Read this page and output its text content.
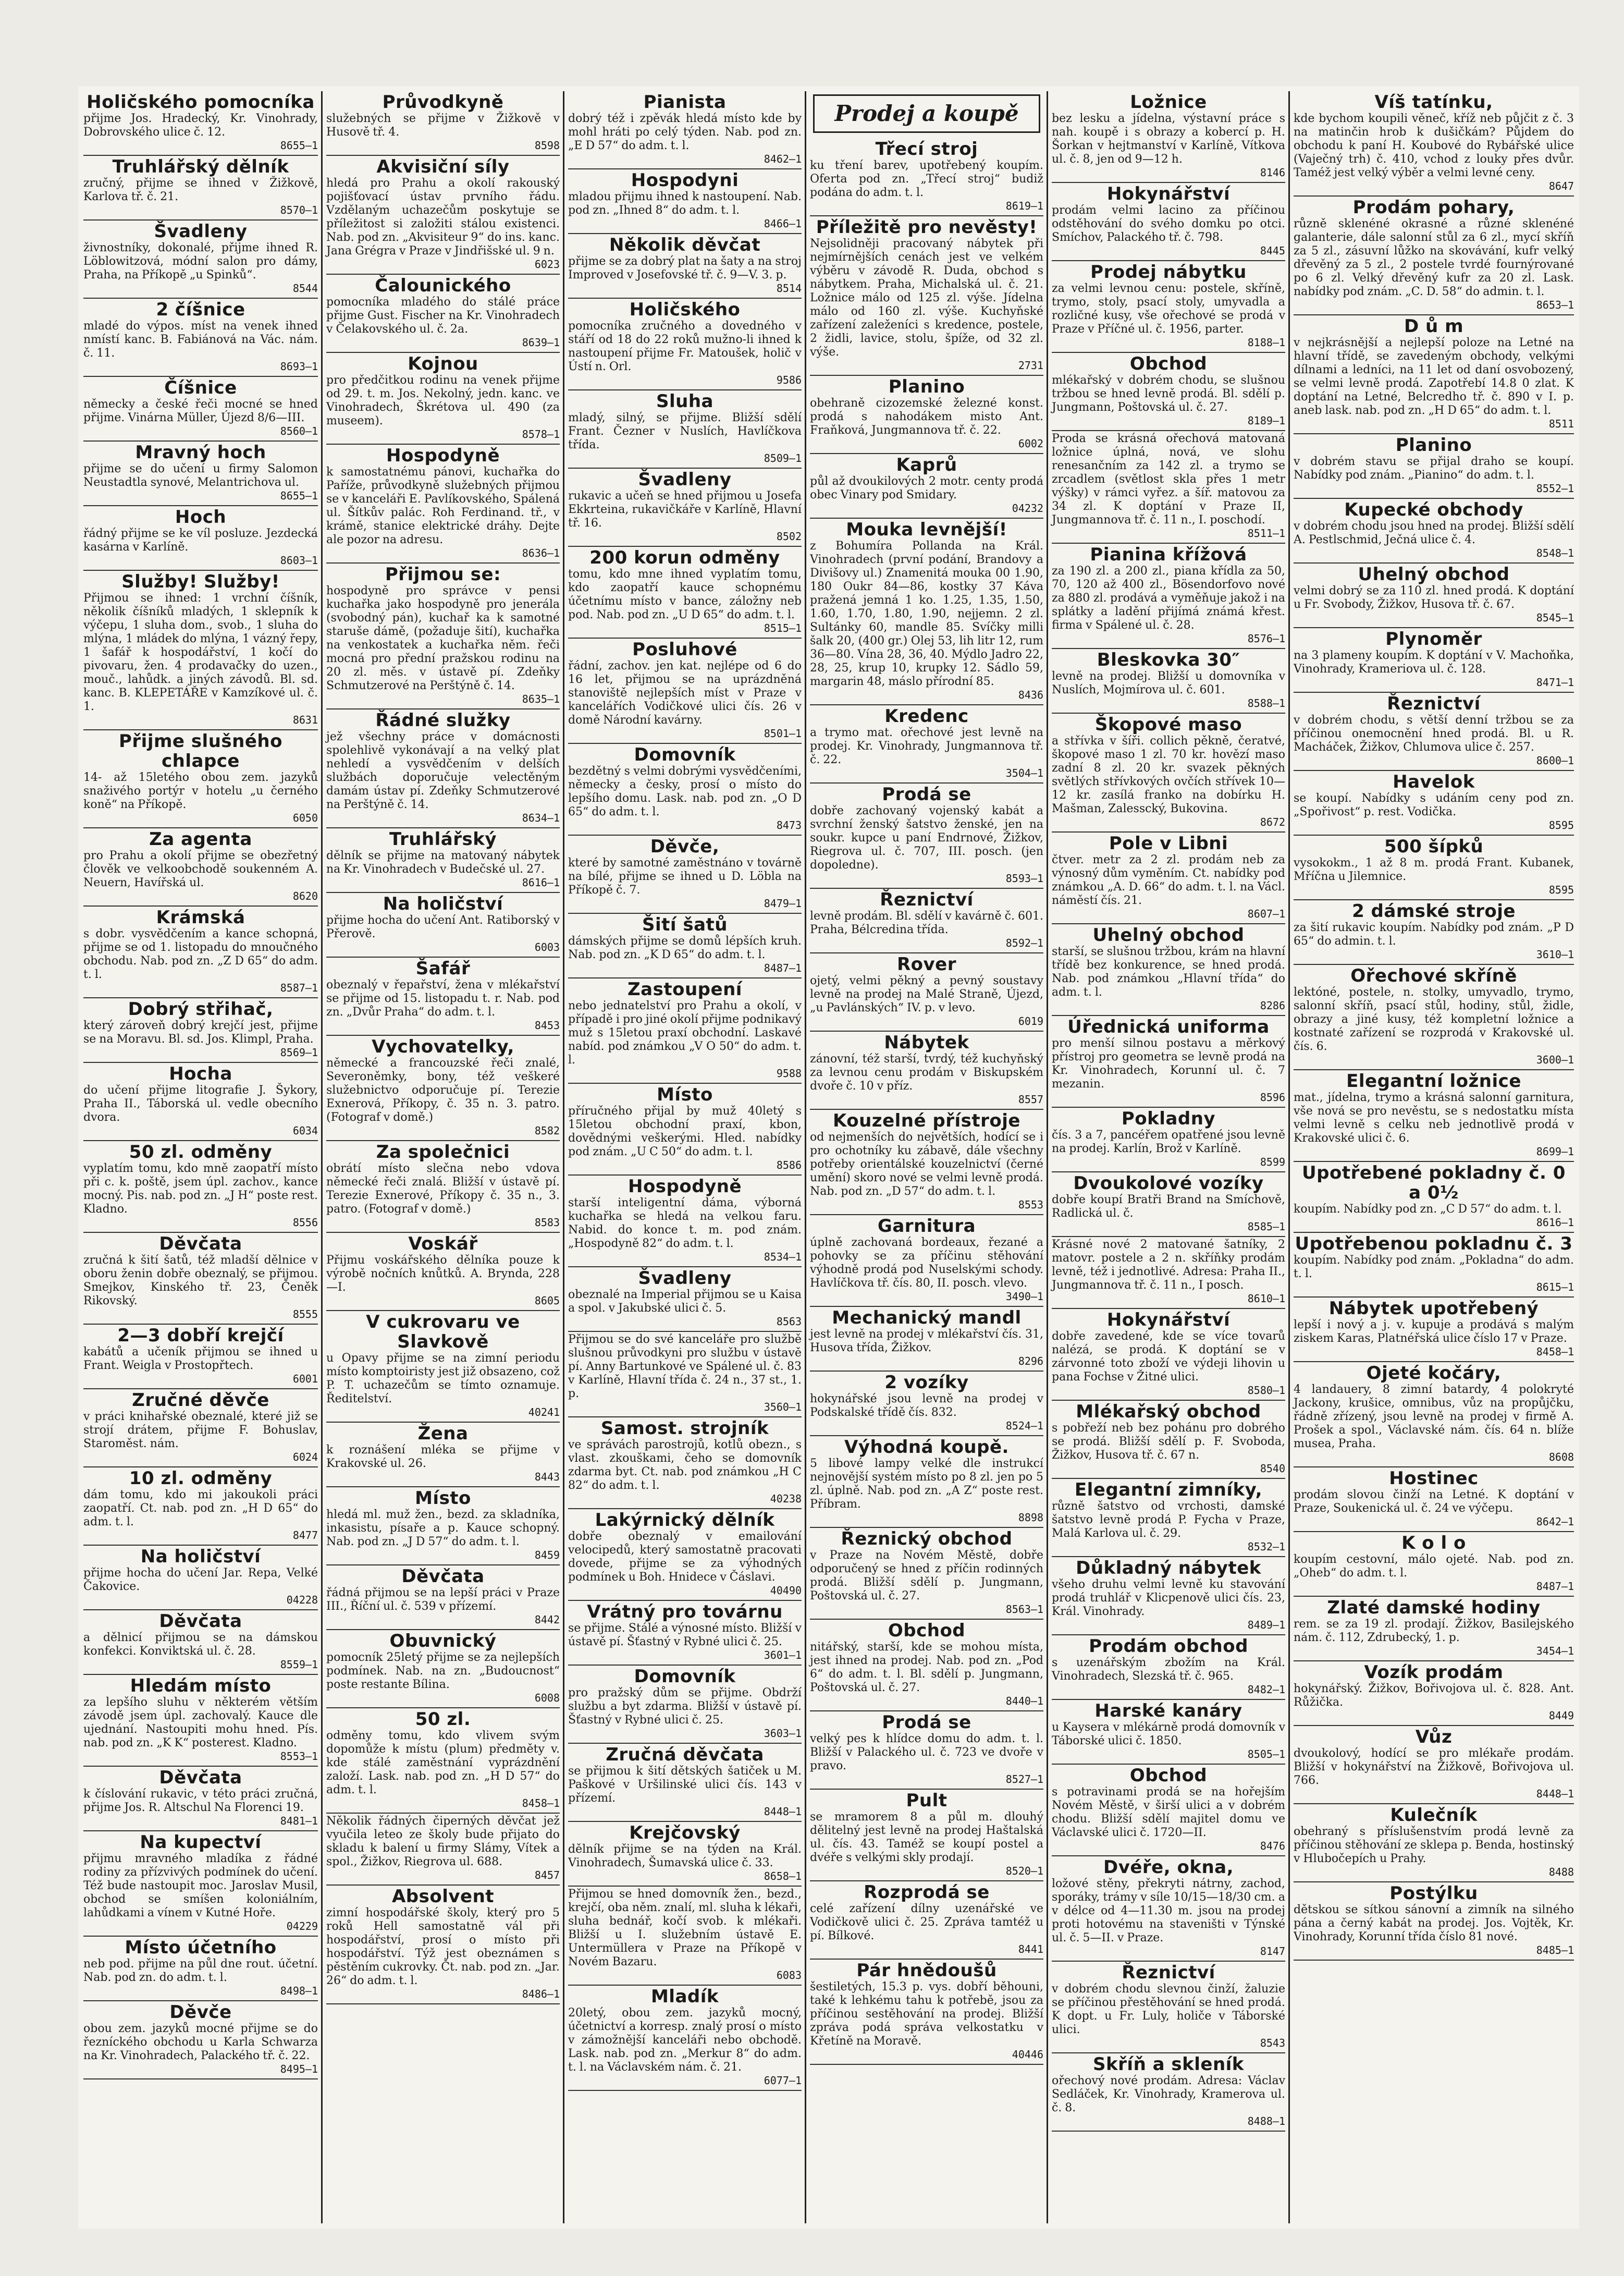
Holičského pomocníka
přijme Jos. Hradecký, Kr. Vinohrady, Dobrovského ulice č. 12.
8655—1
Truhlářský dělník
zručný, přijme se ihned v Žižkově, Karlova tř. č. 21.
8570—1
Švadleny
živnostníky, dokonalé, přijme ihned R. Löblowitzová, módní salon pro dámy, Praha, na Příkopě „u Spinků“.
8544
2 číšnice
mladé do výpos. míst na venek ihned nmístí kanc. B. Fabiánová na Vác. nám. č. 11.
8693—1
Číšnice
německy a české řeči mocné se hned přijme. Vinárna Müller, Újezd 8/6—III.
8560—1
Mravný hoch
přijme se do učení u firmy Salomon Neustadtla synové, Melantrichova ul.
8655—1
Hoch
řádný přijme se ke víl posluze. Jezdecká kasárna v Karlíně.
8603—1
Služby! Služby!
Přijmou se ihned: 1 vrchní číšník, několik číšníků mladých, 1 sklepník k výčepu, 1 sluha dom., svob., 1 sluha do mlýna, 1 mládek do mlýna, 1 vázný řepy, 1 šafář k hospodářství, 1 kočí do pivovaru, žen. 4 prodavačky do uzen., mouč., lahůdk. a jiných závodů. Bl. sd. kanc. B. KLEPETÁŘE v Kamzíkové ul. č. 1.
8631
Přijme slušného chlapce
14- až 15letého obou zem. jazyků snaživého portýr v hotelu „u černého koně“ na Příkopě.
6050
Za agenta
pro Prahu a okolí přijme se obezřetný člověk ve velkoobchodě soukenném A. Neuern, Havířská ul.
8620
Krámská
s dobr. vysvědčením a kance schopná, přijme se od 1. listopadu do mnoučného obchodu. Nab. pod zn. „Z D 65“ do adm. t. l.
8587—1
Dobrý střihač,
který zároveň dobrý krejčí jest, přijme se na Moravu. Bl. sd. Jos. Klimpl, Praha.
8569—1
Hocha
do učení přijme litografie J. Šykory, Praha II., Táborská ul. vedle obecního dvora.
6034
50 zl. odměny
vyplatím tomu, kdo mně zaopatří místo při c. k. poště, jsem úpl. zachov., kance mocný. Pis. nab. pod zn. „J H“ poste rest. Kladno.
8556
Děvčata
zručná k šití šatů, též mladší dělnice v oboru ženin dobře obeznalý, se přijmou. Smejkov, Kinského tř. 23, Čeněk Rikovský.
8555
2—3 dobří krejčí
kabátů a učeník přijmou se ihned u Frant. Weigla v Prostopřtech.
6001
Zručné děvče
v práci knihařské obeznalé, které již se strojí drátem, přijme F. Bohuslav, Staroměst. nám.
6024
10 zl. odměny
dám tomu, kdo mi jakoukoli práci zaopatří. Ct. nab. pod zn. „H D 65“ do adm. t. l.
8477
Na holičství
přijme hocha do učení Jar. Repa, Velké Čakovice.
04228
Děvčata
a dělnicí přijmou se na dámskou konfekci. Konviktská ul. č. 28.
8559—1
Hledám místo
za lepšího sluhu v některém větším závodě jsem úpl. zachovalý. Kauce dle ujednání. Nastoupiti mohu hned. Pís. nab. pod zn. „K K“ posterest. Kladno.
8553—1
Děvčata
k číslování rukavic, v této práci zručná, přijme Jos. R. Altschul Na Florenci 19.
8481—1
Na kupectví
přijmu mravného mladíka z řádné rodiny za přízvivých podmínek do učení. Též bude nastoupit moc. Jaroslav Musil, obchod se smíšen koloniálním, lahůdkami a vínem v Kutné Hoře.
04229
Místo účetního
neb pod. přijme na půl dne rout. účetní. Nab. pod zn. do adm. t. l.
8498—1
Děvče
obou zem. jazyků mocné přijme se do řezníckého obchodu u Karla Schwarza na Kr. Vinohradech, Palackého tř. č. 22.
8495—1
Průvodkyně
služebných se přijme v Žižkově v Husově tř. 4.
8598
Akvisiční síly
hledá pro Prahu a okolí rakouský pojišťovací ústav prvního řádu. Vzdělaným uchazečům poskytuje se příležitost si založiti stálou existenci. Nab. pod zn. „Akvisiteur 9“ do ins. kanc. Jana Grégra v Praze v Jindřišské ul. 9 n.
6023
Čalounického
pomocníka mladého do stálé práce přijme Gust. Fischer na Kr. Vinohradech v Čelakovského ul. č. 2a.
8639—1
Kojnou
pro předčitkou rodinu na venek přijme od 29. t. m. Jos. Nekolný, jedn. kanc. ve Vinohradech, Škrétova ul. 490 (za museem).
8578—1
Hospodyně
k samostatnému pánovi, kuchařka do Paříže, průvodkyně služebných přijmou se v kanceláři E. Pavlíkovského, Spálená ul. Šítkův palác. Roh Ferdinand. tř., v krámě, stanice elektrické dráhy. Dejte ale pozor na adresu.
8636—1
Přijmou se:
hospodyně pro správce v pensi kuchařka jako hospodyně pro jenerála (svobodný pán), kuchař ka k samotné staruše dámě, (požaduje šití), kuchařka na venkostatek a kuchařka něm. řeči mocná pro přední pražskou rodinu na 20 zl. měs. v ústavě pí. Zdeňky Schmutzerové na Perštýně č. 14.
8635—1
Řádné služky
jež všechny práce v domácnosti spolehlivě vykonávají a na velký plat nehledí a vysvědčením v delších službách doporučuje velectěným damám ústav pí. Zdeňky Schmutzerové na Perštýně č. 14.
8634—1
Truhlářský
dělník se přijme na matovaný nábytek na Kr. Vinohradech v Budečské ul. 27.
8616—1
Na holičství
přijme hocha do učení Ant. Ratiborský v Přerově.
6003
Šafář
obeznalý v řepařství, žena v mlékařství se přijme od 15. listopadu t. r. Nab. pod zn. „Dvůr Praha“ do adm. t. l.
8453
Vychovatelky,
německé a francouzské řeči znalé, Severoněmky, bony, též veškeré služebnictvo odporučuje pí. Terezie Exnerová, Příkopy, č. 35 n. 3. patro. (Fotograf v domě.)
8582
Za společnici
obrátí místo slečna nebo vdova německé řeči znalá. Bližší v ústavě pí. Terezie Exnerové, Příkopy č. 35 n., 3. patro. (Fotograf v domě.)
8583
Voskář
Přijmu voskářského dělníka pouze k výrobě nočních knůtků. A. Brynda, 228—I.
8605
V cukrovaru ve Slavkově
u Opavy přijme se na zimní periodu místo komptoiristy jest již obsazeno, což P. T. uchazečům se tímto oznamuje. Ředitelství.
40241
Žena
k roznášení mléka se přijme v Krakovské ul. 26.
8443
Místo
hledá ml. muž žen., bezd. za skladníka, inkasistu, písaře a p. Kauce schopný. Nab. pod zn. „J D 57“ do adm. t. l.
8459
Děvčata
řádná přijmou se na lepší práci v Praze III., Říční ul. č. 539 v přízemí.
8442
Obuvnický
pomocník 25letý přijme se za nejlepších podmínek. Nab. na zn. „Budoucnost“ poste restante Bílina.
6008
50 zl.
odměny tomu, kdo vlivem svým dopomůže k místu (plum) předměty v. kde stálé zaměstnání vyprázdnění založí. Lask. nab. pod zn. „H D 57“ do adm. t. l.
8458—1
Několik řádných čiperných děvčat jež vyučila leteo ze školy bude přijato do skladu k balení u firmy Slámy, Vítek a spol., Žižkov, Riegrova ul. 688.
8457
Absolvent
zimní hospodářské školy, který pro 5 roků Hell samostatně vál při hospodářství, prosí o místo při hospodářství. Týž jest obeznámen s pěstěním cukrovky. Čt. nab. pod zn. „Jar. 26“ do adm. t. l.
8486—1
Pianista
dobrý též i zpěvák hledá místo kde by mohl hráti po celý týden. Nab. pod zn. „E D 57“ do adm. t. l.
8462—1
Hospodyni
mladou přijmu ihned k nastoupení. Nab. pod zn. „Ihned 8“ do adm. t. l.
8466—1
Několik děvčat
přijme se za dobrý plat na šaty a na stroj Improved v Josefovské tř. č. 9—V. 3. p.
8514
Holičského
pomocníka zručného a dovedného v stáří od 18 do 22 roků mužno-li ihned k nastoupení přijme Fr. Matoušek, holič v Ústí n. Orl.
9586
Sluha
mladý, silný, se přijme. Bližší sdělí Frant. Čezner v Nuslích, Havlíčkova třída.
8509—1
Švadleny
rukavic a učeň se hned přijmou u Josefa Ekkrteina, rukavičkáře v Karlíně, Hlavní tř. 16.
8502
200 korun odměny
tomu, kdo mne ihned vyplatím tomu, kdo zaopatří kauce schopnému účetnímu místo v bance, záložny neb pod. Nab. pod zn. „U D 65“ do adm. t. l.
8515—1
Posluhové
řádní, zachov. jen kat. nejlépe od 6 do 16 let, přijmou se na uprázdněná stanoviště nejlepších míst v Praze v kancelářích Vodičkové ulici čís. 26 v domě Národní kavárny.
8501—1
Domovník
bezdětný s velmi dobrými vysvědčeními, německy a česky, prosí o místo do lepšího domu. Lask. nab. pod zn. „O D 65“ do adm. t. l.
8473
Děvče,
které by samotné zaměstnáno v továrně na bílé, přijme se ihned u D. Löbla na Příkopě č. 7.
8479—1
Šití šatů
dámských přijme se domů lépších kruh. Nab. pod zn. „K D 65“ do adm. t. l.
8487—1
Zastoupení
nebo jednatelství pro Prahu a okolí, v případě i pro jiné okolí přijme podnikavý muž s 15letou praxí obchodní. Laskavé nabíd. pod známkou „V O 50“ do adm. t. l.
9588
Místo
příručného přijal by muž 40letý s 15letou obchodní praxí, kbon, dovědnými veškerými. Hled. nabídky pod znám. „U C 50“ do adm. t. l.
8586
Hospodyně
starší inteligentní dáma, výborná kuchařka se hledá na velkou faru. Nabid. do konce t. m. pod znám. „Hospodyně 82“ do adm. t. l.
8534—1
Švadleny
obeznalé na Imperial přijmou se u Kaisa a spol. v Jakubské ulici č. 5.
8563
Přijmou se do své kanceláře pro službě slušnou průvodkyni pro službu v ústavě pí. Anny Bartunkové ve Spálené ul. č. 83 v Karlíně, Hlavní třída č. 24 n., 37 st., 1. p.
3560—1
Samost. strojník
ve správách parostrojů, kotlů obezn., s vlast. zkouškami, čeho se domovník zdarma byt. Ct. nab. pod známkou „H C 82“ do adm. t. l.
40238
Lakýrnický dělník
dobře obeznalý v emailování velocipedů, který samostatně pracovati dovede, přijme se za výhodných podmínek u Boh. Hnidece v Čáslavi.
40490
Vrátný pro továrnu
se přijme. Stálé a výnosné místo. Bližší v ústavě pí. Šťastný v Rybné ulici č. 25.
3601—1
Domovník
pro pražský dům se přijme. Obdrží službu a byt zdarma. Bližší v ústavě pí. Šťastný v Rybné ulici č. 25.
3603—1
Zručná děvčata
se přijmou k šití dětských šatiček u M. Paškové v Uršilinské ulici čís. 143 v přízemí.
8448—1
Krejčovský
dělník přijme se na týden na Král. Vinohradech, Šumavská ulice č. 33.
8658—1
Přijmou se hned domovník žen., bezd., krejčí, oba něm. znalí, ml. sluha k lékaři, sluha bednář, kočí svob. k mlékaři. Bližší u I. služebním ústavě E. Untermüllera v Praze na Příkopě v Novém Bazaru.
6083
Mladík
20letý, obou zem. jazyků mocný, účetnictví a korresp. znalý prosí o místo v zámožnější kanceláři nebo obchodě. Lask. nab. pod zn. „Merkur 8“ do adm. t. l. na Václavském nám. č. 21.
6077—1
Prodej a koupě
Třecí stroj
ku tření barev, upotřebený koupím. Oferta pod zn. „Třecí stroj“ budiž podána do adm. t. l.
8619—1
Příležitě pro nevěsty!
Nejsolidněji pracovaný nábytek při nejmírnějších cenách jest ve velkém výběru v závodě R. Duda, obchod s nábytkem. Praha, Michalská ul. č. 21. Ložnice málo od 125 zl. výše. Jídelna málo od 160 zl. výše. Kuchyňské zařízení zaleženíci s kredence, postele, 2 židli, lavice, stolu, špíže, od 32 zl. výše.
2731
Planino
obehraně cizozemské železné konst. prodá s nahodákem misto Ant. Fraňková, Jungmannova tř. č. 22.
6002
Kaprů
půl až dvoukilových 2 motr. centy prodá obec Vinary pod Smidary.
04232
Mouka levnější!
z Bohumíra Pollanda na Král. Vinohradech (první podání, Brandovy a Divišovy ul.) Znamenitá mouka 00 1.90, 180 Oukr 84—86, kostky 37 Káva pražená jemná 1 ko. 1.25, 1.35, 1.50, 1.60, 1.70, 1.80, 1.90, nejjemn. 2 zl. Sultánky 60, mandle 85. Svíčky milli šalk 20, (400 gr.) Olej 53, lih litr 12, rum 36—80. Vína 28, 36, 40. Mýdlo Jadro 22, 28, 25, krup 10, krupky 12. Sádlo 59, margarin 48, máslo přírodní 85.
8436
Kredenc
a trymo mat. ořechové jest levně na prodej. Kr. Vinohrady, Jungmannova tř. č. 22.
3504—1
Prodá se
dobře zachovaný vojenský kabát a svrchní ženský šatstvo ženské, jen na soukr. kupce u paní Endrnové, Žižkov, Riegrova ul. č. 707, III. posch. (jen dopoledne).
8593—1
Řeznictví
levně prodám. Bl. sdělí v kavárně č. 601. Praha, Bélcredina třída.
8592—1
Rover
ojetý, velmi pěkný a pevný soustavy levně na prodej na Malé Straně, Újezd, „u Pavlánských“ IV. p. v levo.
6019
Nábytek
zánovní, též starší, tvrdý, též kuchyňský za levnou cenu prodám v Biskupském dvoře č. 10 v příz.
8557
Kouzelné přístroje
od nejmenších do největších, hodící se i pro ochotníky ku zábavě, dále všechny potřeby orientálské kouzelnictví (černé umění) skoro nové se velmi levně prodá. Nab. pod zn. „D 57“ do adm. t. l.
8553
Garnitura
úplně zachovaná bordeaux, řezané a pohovky se za příčinu stěhování výhodně prodá pod Nuselskými schody. Havlíčkova tř. čís. 80, II. posch. vlevo.
3490—1
Mechanický mandl
jest levně na prodej v mlékařství čís. 31, Husova třída, Žižkov.
8296
2 vozíky
hokynářské jsou levně na prodej v Podskalské třídě čís. 832.
8524—1
Výhodná koupě.
5 libové lampy velké dle instrukcí nejnovější systém místo po 8 zl. jen po 5 zl. úplně. Nab. pod zn. „A Z“ poste rest. Příbram.
8898
Řeznický obchod
v Praze na Novém Městě, dobře odporučený se hned z příčin rodinných prodá. Bližší sdělí p. Jungmann, Poštovská ul. č. 27.
8563—1
Obchod
nitářský, starší, kde se mohou místa, jest ihned na prodej. Nab. pod zn. „Pod 6“ do adm. t. l. Bl. sdělí p. Jungmann, Poštovská ul. č. 27.
8440—1
Prodá se
velký pes k hlídce domu do adm. t. l. Bližší v Palackého ul. č. 723 ve dvoře v pravo.
8527—1
Pult
se mramorem 8 a půl m. dlouhý dělitelný jest levně na prodej Haštalská ul. čís. 43. Taméž se koupí postel a dvéře s velkými skly prodají.
8520—1
Rozprodá se
celé zařízení dílny uzenářské ve Vodičkově ulici č. 25. Zpráva tamtéž u pí. Bílkové.
8441
Pár hnědoušů
šestiletých, 15.3 p. vys. dobří běhouni, také k lehkému tahu k potřebě, jsou za příčinou sestěhování na prodej. Bližší zpráva podá správa velkostatku v Křetíně na Moravě.
40446
Ložnice
bez lesku a jídelna, výstavní práce s nah. koupě i s obrazy a kobercí p. H. Šorkan v hejtmanství v Karlíně, Vítkova ul. č. 8, jen od 9—12 h.
8146
Hokynářství
prodám velmi lacino za příčinou odstěhování do svého domku po otci. Smíchov, Palackého tř. č. 798.
8445
Prodej nábytku
za velmi levnou cenu: postele, skříně, trymo, stoly, psací stoly, umyvadla a rozličné kusy, vše ořechové se prodá v Praze v Příčné ul. č. 1956, parter.
8188—1
Obchod
mlékařský v dobrém chodu, se slušnou tržbou se hned levně prodá. Bl. sdělí p. Jungmann, Poštovská ul. č. 27.
8189—1
Proda se krásná ořechová matovaná ložnice úplná, nová, ve slohu renesančním za 142 zl. a trymo se zrcadlem (světlost skla přes 1 metr výšky) v rámci vyřez. a šíř. matovou za 34 zl. K doptání v Praze II, Jungmannova tř. č. 11 n., I. poschodí.
8511—1
Pianina křížová
za 190 zl. a 200 zl., piana křídla za 50, 70, 120 až 400 zl., Bösendorfovo nové za 880 zl. prodává a vyměňuje jakož i na splátky a ladění přijímá známá křest. firma v Spálené ul. č. 28.
8576—1
Bleskovka 30″
levně na prodej. Bližší u domovníka v Nuslích, Mojmírova ul. č. 601.
8588—1
Škopové maso
a střívka v šíři. collich pěkně, čeratvé, škopové maso 1 zl. 70 kr. hovězí maso zadní 8 zl. 20 kr. svazek pěkných světlých střívkových ovčích střívek 10—12 kr. zasílá franko na dobírku H. Mašman, Zalesscký, Bukovina.
8672
Pole v Libni
čtver. metr za 2 zl. prodám neb za výnosný dům vyměním. Ct. nabídky pod známkou „A. D. 66“ do adm. t. l. na Václ. náměstí čís. 21.
8607—1
Uhelný obchod
starší, se slušnou tržbou, krám na hlavní třídě bez konkurence, se hned prodá. Nab. pod známkou „Hlavní třída“ do adm. t. l.
8286
Úřednická uniforma
pro menší silnou postavu a měrkový přístroj pro geometra se levně prodá na Kr. Vinohradech, Korunní ul. č. 7 mezanin.
8596
Pokladny
čís. 3 a 7, pancéřem opatřené jsou levně na prodej. Karlín, Brož v Karlíně.
8599
Dvoukolové vozíky
dobře koupí Bratři Brand na Smíchově, Radlická ul. č.
8585—1
Krásné nové 2 matované šatníky, 2 matovr. postele a 2 n. skříňky prodám levně, též i jednotlivé. Adresa: Praha II., Jungmannova tř. č. 11 n., I posch.
8610—1
Hokynářství
dobře zavedené, kde se více tovarů nalézá, se prodá. K doptání se v zárvonné toto zboží ve výdeji lihovin u pana Fochse v Žitné ulici.
8580—1
Mlékařský obchod
s pobřeží neb bez pohánu pro dobrého se prodá. Bližší sdělí p. F. Svoboda, Žižkov, Husova tř. č. 67 n.
8540
Elegantní zimníky,
různě šatstvo od vrchosti, damské šatstvo levně prodá P. Fycha v Praze, Malá Karlova ul. č. 29.
8532—1
Důkladný nábytek
všeho druhu velmi levně ku stavování prodá truhlář v Klicpenově ulici čís. 23, Král. Vinohrady.
8489—1
Prodám obchod
s uzenářským zbožím na Král. Vinohradech, Slezská tř. č. 965.
8482—1
Harské kanáry
u Kaysera v mlékárně prodá domovník v Táborské ulici č. 1850.
8505—1
Obchod
s potravinami prodá se na hořejším Novém Městě, v širší ulici a v dobrém chodu. Bližší sdělí majitel domu ve Václavské ulici č. 1720—II.
8476
Dvéře, okna,
ložové stěny, překryti nátrny, zachod, sporáky, trámy v síle 10/15—18/30 cm. a v délce od 4—11.30 m. jsou na prodej proti hotovému na staveništi v Týnské ul. č. 5—II. v Praze.
8147
Řeznictví
v dobrém chodu slevnou činží, žaluzie se příčinou přestěhování se hned prodá. K dopt. u Fr. Luly, holiče v Táborské ulici.
8543
Skříň a skleník
ořechový nové prodám. Adresa: Václav Sedláček, Kr. Vinohrady, Kramerova ul. č. 8.
8488—1
Víš tatínku,
kde bychom koupili věneč, kříž neb půjčit z č. 3 na matinčin hrob k dušičkám? Půjdem do obchodu k paní H. Koubové do Rybářské ulice (Vaječný trh) č. 410, vchod z louky přes dvůr. Taméž jest velký výběr a velmi levné ceny.
8647
Prodám pohary,
různě sklenéné okrasné a různé sklenéné galanterie, dále salonní stůl za 6 zl., mycí skříň za 5 zl., zásuvní lůžko na skovávání, kufr velký dřevěný za 5 zl., 2 postele tvrdé fournýrované po 6 zl. Velký dřevěný kufr za 20 zl. Lask. nabídky pod znám. „C. D. 58“ do admin. t. l.
8653—1
D ů m
v nejkrásnější a nejlepší poloze na Letné na hlavní třídě, se zavedeným obchody, velkými dílnami a ledníci, na 11 let od daní osvobozený, se velmi levně prodá. Zapotřebí 14.8 0 zlat. K doptání na Letné, Belcredho tř. č. 890 v I. p. aneb lask. nab. pod zn. „H D 65“ do adm. t. l.
8511
Planino
v dobrém stavu se přijal draho se koupí. Nabídky pod znám. „Pianino“ do adm. t. l.
8552—1
Kupecké obchody
v dobrém chodu jsou hned na prodej. Bližší sdělí A. Pestlschmid, Ječná ulice č. 4.
8548—1
Uhelný obchod
velmi dobrý se za 110 zl. hned prodá. K doptání u Fr. Svobody, Žižkov, Husova tř. č. 67.
8545—1
Plynoměr
na 3 plameny koupím. K doptání v V. Machoňka, Vinohrady, Krameriova ul. č. 128.
8471—1
Řeznictví
v dobrém chodu, s větší denní tržbou se za příčinou onemocnění hned prodá. Bl. u R. Macháček, Žižkov, Chlumova ulice č. 257.
8600—1
Havelok
se koupí. Nabídky s udáním ceny pod zn. „Spořivost“ p. rest. Vodička.
8595
500 šípků
vysokokm., 1 až 8 m. prodá Frant. Kubanek, Mříčna u Jilemnice.
8595
2 dámské stroje
za šití rukavic koupím. Nabídky pod znám. „P D 65“ do admin. t. l.
3610—1
Ořechové skříně
lektóné, postele, n. stolky, umyvadlo, trymo, salonní skříň, psací stůl, hodiny, stůl, židle, obrazy a jiné kusy, též kompletní ložnice a kostnaté zařízení se rozprodá v Krakovské ul. čís. 6.
3600—1
Elegantní ložnice
mat., jídelna, trymo a krásná salonní garnitura, vše nová se pro nevěstu, se s nedostatku místa velmi levně s celku neb jednotlivě prodá v Krakovské ulici č. 6.
8699—1
Upotřebené pokladny č. 0 a 0½
koupím. Nabídky pod zn. „C D 57“ do adm. t. l.
8616—1
Upotřebenou pokladnu č. 3
koupím. Nabídky pod znám. „Pokladna“ do adm. t. l.
8615—1
Nábytek upotřebený
lepší i nový a j. v. kupuje a prodává s malým ziskem Karas, Platnéřská ulice číslo 17 v Praze.
8458—1
Ojeté kočáry,
4 landauery, 8 zimní batardy, 4 polokryté Jackony, krušice, omnibus, vůz na propůjčku, řádně zřízený, jsou levně na prodej v firmě A. Prošek a spol., Václavské nám. čís. 64 n. blíže musea, Praha.
8608
Hostinec
prodám slovou činží na Letné. K doptání v Praze, Soukenická ul. č. 24 ve výčepu.
8642—1
K o l o
koupím cestovní, málo ojeté. Nab. pod zn. „Oheb“ do adm. t. l.
8487—1
Zlaté damské hodiny
rem. se za 19 zl. prodají. Žižkov, Basilejského nám. č. 112, Zdrubecký, 1. p.
3454—1
Vozík prodám
hokynářský. Žižkov, Bořivojova ul. č. 828. Ant. Růžička.
8449
Vůz
dvoukolový, hodící se pro mlékaře prodám. Bližší v hokynářství na Žižkově, Bořivojova ul. 766.
8448—1
Kulečník
obehraný s příslušenstvím prodá levně za příčinou stěhování ze sklepa p. Benda, hostinský v Hlubočepích u Prahy.
8488
Postýlku
dětskou se sítkou sánovní a zimník na silného pána a černý kabát na prodej. Jos. Vojtěk, Kr. Vinohrady, Korunní třída číslo 81 nové.
8485—1
